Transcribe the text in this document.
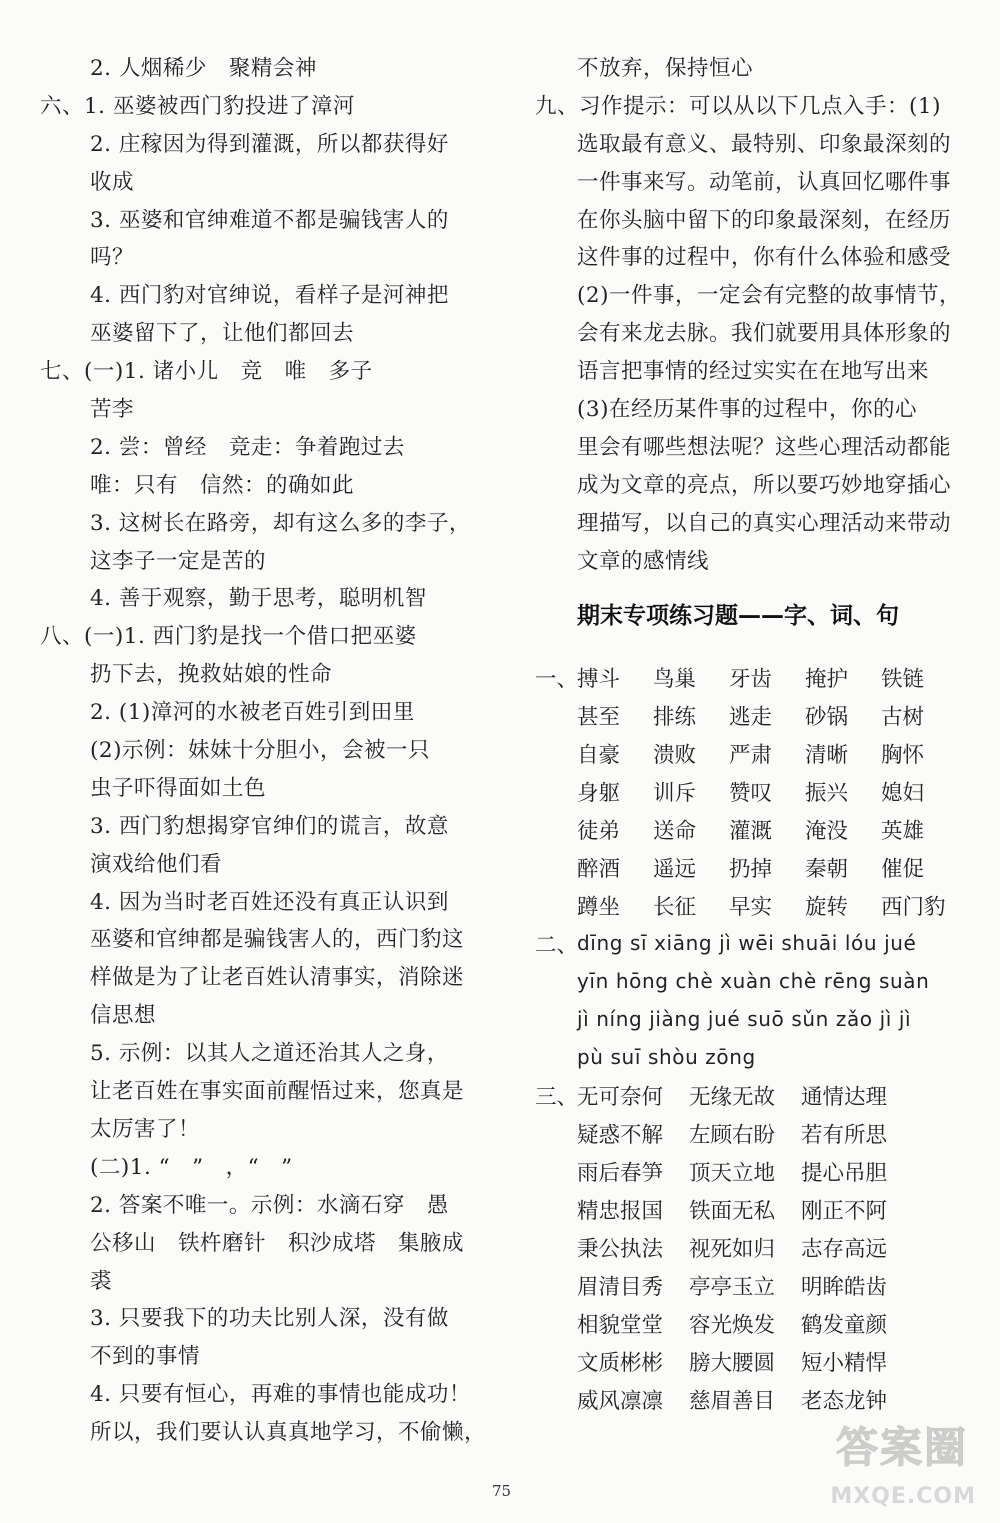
2. 人烟稀少　聚精会神
六、1. 巫婆被西门豹投进了漳河
2. 庄稼因为得到灌溉，所以都获得好
收成
3. 巫婆和官绅难道不都是骗钱害人的
吗？
4. 西门豹对官绅说，看样子是河神把
巫婆留下了，让他们都回去
七、(一)1. 诸小儿　竞　唯　多子
苦李
2. 尝：曾经　竞走：争着跑过去
唯：只有　信然：的确如此
3. 这树长在路旁，却有这么多的李子，
这李子一定是苦的
4. 善于观察，勤于思考，聪明机智
八、(一)1. 西门豹是找一个借口把巫婆
扔下去，挽救姑娘的性命
2. (1)漳河的水被老百姓引到田里
(2)示例：妹妹十分胆小，会被一只
虫子吓得面如土色
3. 西门豹想揭穿官绅们的谎言，故意
演戏给他们看
4. 因为当时老百姓还没有真正认识到
巫婆和官绅都是骗钱害人的，西门豹这
样做是为了让老百姓认清事实，消除迷
信思想
5. 示例：以其人之道还治其人之身，
让老百姓在事实面前醒悟过来，您真是
太厉害了！
(二)1. “　”　，“　”
2. 答案不唯一。示例：水滴石穿　愚
公移山　铁杵磨针　积沙成塔　集腋成
裘
3. 只要我下的功夫比别人深，没有做
不到的事情
4. 只要有恒心，再难的事情也能成功！
所以，我们要认认真真地学习，不偷懒，
不放弃，保持恒心
九、习作提示：可以从以下几点入手：(1)
选取最有意义、最特别、印象最深刻的
一件事来写。动笔前，认真回忆哪件事
在你头脑中留下的印象最深刻，在经历
这件事的过程中，你有什么体验和感受
(2)一件事，一定会有完整的故事情节，
会有来龙去脉。我们就要用具体形象的
语言把事情的经过实实在在地写出来
(3)在经历某件事的过程中，你的心
里会有哪些想法呢？这些心理活动都能
成为文章的亮点，所以要巧妙地穿插心
理描写，以自己的真实心理活动来带动
文章的感情线
期末专项练习题——字、词、句
一、
搏斗	鸟巢	牙齿	掩护	铁链
甚至	排练	逃走	砂锅	古树
自豪	溃败	严肃	清晰	胸怀
身躯	训斥	赞叹	振兴	媳妇
徒弟	送命	灌溉	淹没	英雄
醉酒	遥远	扔掉	秦朝	催促
蹲坐	长征	早实	旋转	西门豹
二、
dīng sī xiāng jì wēi shuāi lóu jué
yīn hōng chè xuàn chè rēng suàn
jì níng jiàng jué suō sǔn zǎo jì jì
pù suī shòu zōng
三、
无可奈何	无缘无故	通情达理
疑惑不解	左顾右盼	若有所思
雨后春笋	顶天立地	提心吊胆
精忠报国	铁面无私	刚正不阿
秉公执法	视死如归	志存高远
眉清目秀	亭亭玉立	明眸皓齿
相貌堂堂	容光焕发	鹤发童颜
文质彬彬	膀大腰圆	短小精悍
威风凛凛	慈眉善目	老态龙钟
75
答案圈
MXQE.COM
